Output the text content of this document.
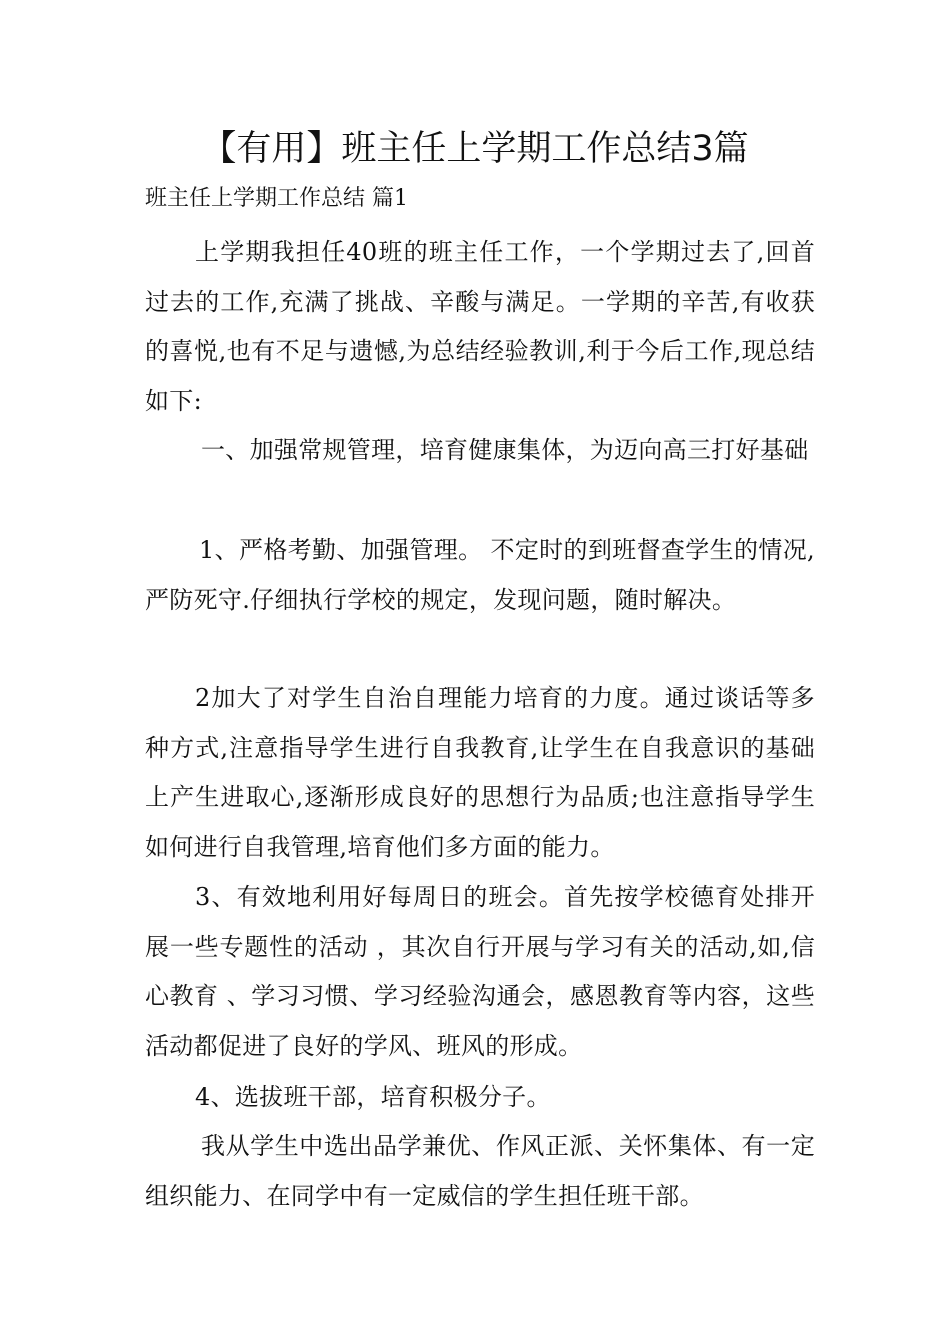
【有用】班主任上学期工作总结3篇
班主任上学期工作总结 篇1

上学期我担任40班的班主任工作，一个学期过去了,回首过去的工作,充满了挑战、辛酸与满足。一学期的辛苦,有收获的喜悦,也有不足与遗憾,为总结经验教训,利于今后工作,现总结如下:

一、加强常规管理，培育健康集体，为迈向高三打好基础

1、严格考勤、加强管理。 不定时的到班督查学生的情况,严防死守.仔细执行学校的规定，发现问题，随时解决。

2加大了对学生自治自理能力培育的力度。通过谈话等多种方式,注意指导学生进行自我教育,让学生在自我意识的基础上产生进取心,逐渐形成良好的思想行为品质;也注意指导学生如何进行自我管理,培育他们多方面的能力。

3、有效地利用好每周日的班会。首先按学校德育处排开展一些专题性的活动 ，其次自行开展与学习有关的活动,如,信心教育 、学习习惯、学习经验沟通会，感恩教育等内容，这些活动都促进了良好的学风、班风的形成。

4、选拔班干部，培育积极分子。

我从学生中选出品学兼优、作风正派、关怀集体、有一定组织能力、在同学中有一定威信的学生担任班干部。
